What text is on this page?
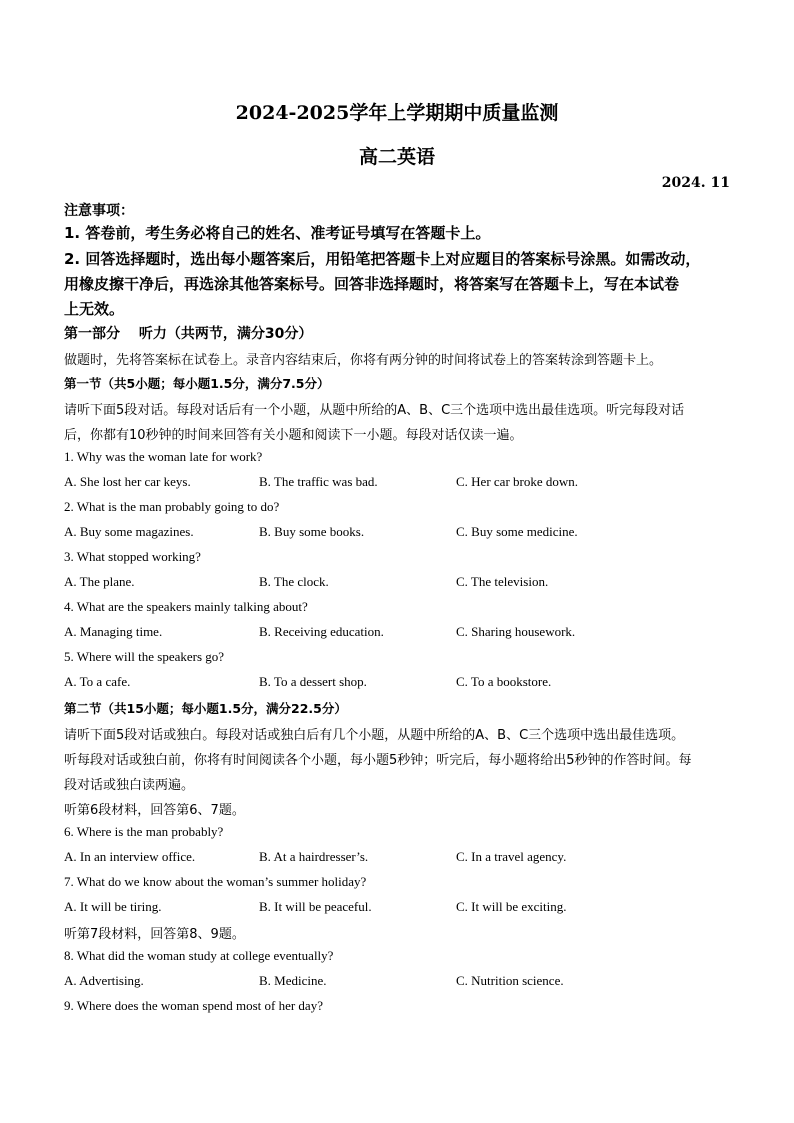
2024-2025学年上学期期中质量监测
高二英语
2024. 11
注意事项：
1. 答卷前，考生务必将自己的姓名、准考证号填写在答题卡上。
2. 回答选择题时，选出每小题答案后，用铅笔把答题卡上对应题目的答案标号涂黑。如需改动，
用橡皮擦干净后，再选涂其他答案标号。回答非选择题时，将答案写在答题卡上，写在本试卷
上无效。
第一部分　 听力（共两节，满分30分）
做题时，先将答案标在试卷上。录音内容结束后，你将有两分钟的时间将试卷上的答案转涂到答题卡上。
第一节（共5小题；每小题1.5分，满分7.5分）
请听下面5段对话。每段对话后有一个小题，从题中所给的A、B、C三个选项中选出最佳选项。听完每段对话
后，你都有10秒钟的时间来回答有关小题和阅读下一小题。每段对话仅读一遍。
1. Why was the woman late for work?
A. She lost her car keys.	B. The traffic was bad.	C. Her car broke down.
2. What is the man probably going to do?
A. Buy some magazines.	B. Buy some books.	C. Buy some medicine.
3. What stopped working?
A. The plane.	B. The clock.	C. The television.
4. What are the speakers mainly talking about?
A. Managing time.	B. Receiving education.	C. Sharing housework.
5. Where will the speakers go?
A. To a cafe.	B. To a dessert shop.	C. To a bookstore.
第二节（共15小题；每小题1.5分，满分22.5分）
请听下面5段对话或独白。每段对话或独白后有几个小题，从题中所给的A、B、C三个选项中选出最佳选项。
听每段对话或独白前，你将有时间阅读各个小题，每小题5秒钟；听完后，每小题将给出5秒钟的作答时间。每
段对话或独白读两遍。
听第6段材料，回答第6、7题。
6. Where is the man probably?
A. In an interview office.	B. At a hairdresser’s.	C. In a travel agency.
7. What do we know about the woman’s summer holiday?
A. It will be tiring.	B. It will be peaceful.	C. It will be exciting.
听第7段材料，回答第8、9题。
8. What did the woman study at college eventually?
A. Advertising.	B. Medicine.	C. Nutrition science.
9. Where does the woman spend most of her day?
